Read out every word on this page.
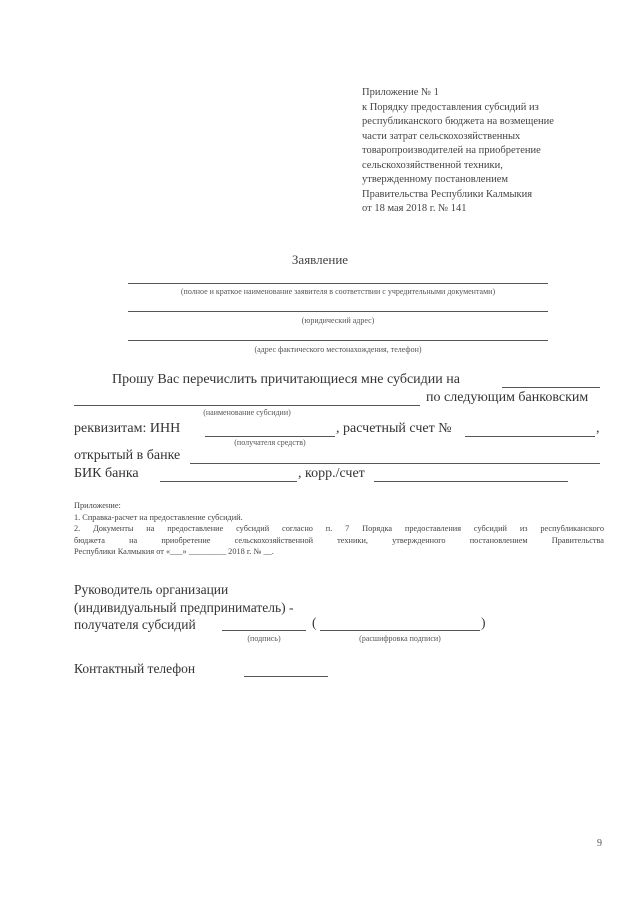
Приложение № 1
к Порядку предоставления субсидий из
республиканского бюджета на возмещение
части затрат сельскохозяйственных
товаропроизводителей на приобретение
сельскохозяйственной техники,
утвержденному постановлением
Правительства Республики Калмыкия
от 18 мая 2018 г. № 141
Заявление
(полное и краткое наименование заявителя в соответствии с учредительными документами)
(юридический адрес)
(адрес фактического местонахождения, телефон)
Прошу Вас перечислить причитающиеся мне субсидии на
по следующим банковским
(наименование субсидии)
реквизитам: ИНН	, расчетный счет №	,
(получателя средств)
открытый в банке
БИК банка	, корр./счет
Приложение:
1. Справка-расчет на предоставление субсидий.
2. Документы на предоставление субсидий согласно п. 7 Порядка предоставления субсидий из республиканского
бюджета на приобретение сельскохозяйственной техники, утвержденного постановлением Правительства
Республики Калмыкия от «___» _________ 2018 г. № __.
Руководитель организации
(индивидуальный предприниматель) -
получателя субсидий	(	)
(подпись)	(расшифровка подписи)
Контактный телефон
9
